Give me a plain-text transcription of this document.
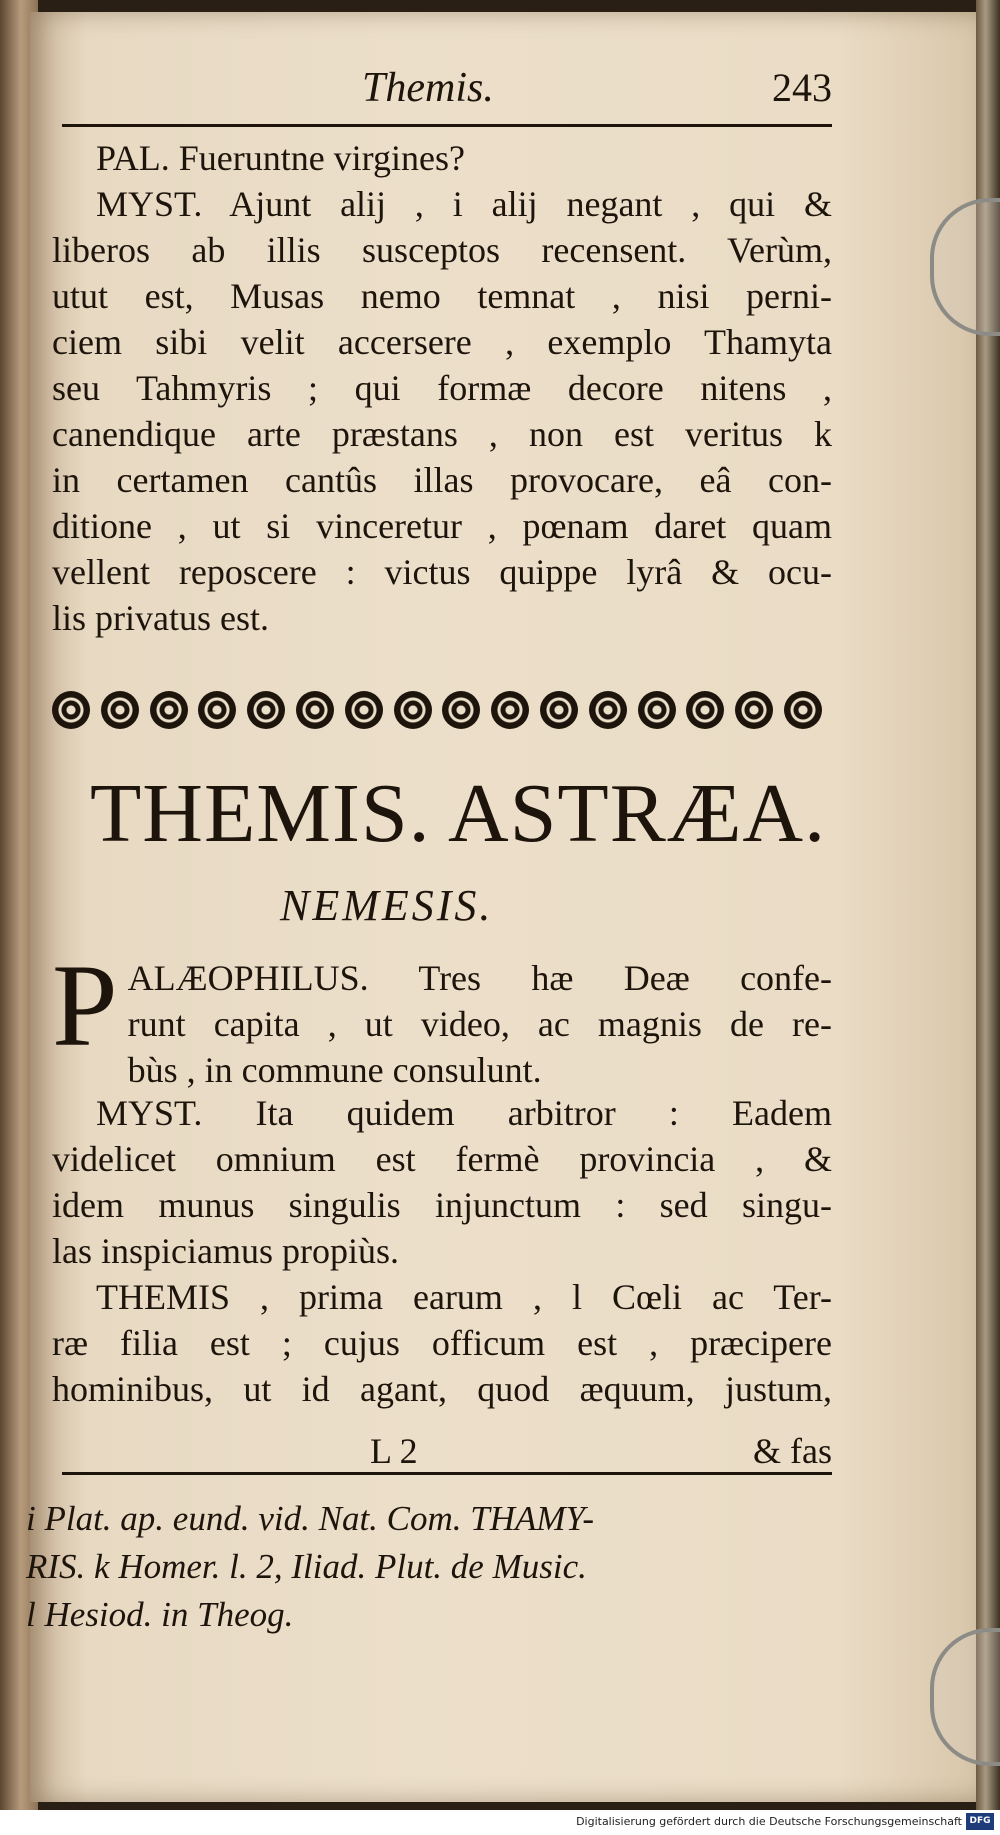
Themis.	243
PAL. Fueruntne virgines?
MYST. Ajunt alij , i alij negant , qui &
liberos ab illis susceptos recensent. Verùm,
utut est, Musas nemo temnat , nisi perni-
ciem sibi velit accersere , exemplo Thamyta
seu Tahmyris ; qui formæ decore nitens ,
canendique arte præstans , non est veritus k
in certamen cantûs illas provocare, eâ con-
ditione , ut si vinceretur , pœnam daret quam
vellent reposcere : victus quippe lyrâ & ocu-
lis privatus est.
THEMIS. ASTRÆA.
NEMESIS.
P ALÆOPHILUS. Tres hæ Deæ confe-
runt capita , ut video, ac magnis de re-
bùs , in commune consulunt.
MYST. Ita quidem arbitror : Eadem
videlicet omnium est fermè provincia , &
idem munus singulis injunctum : sed singu-
las inspiciamus propiùs.
THEMIS , prima earum , l Cœli ac Ter-
ræ filia est ; cujus officum est , præcipere
hominibus, ut id agant, quod æquum, justum,
L 2	& fas
i Plat. ap. eund. vid. Nat. Com. THAMY-
RIS. k Homer. l. 2, Iliad. Plut. de Music.
l Hesiod. in Theog.
Digitalisierung gefördert durch die Deutsche Forschungsgemeinschaft DFG
